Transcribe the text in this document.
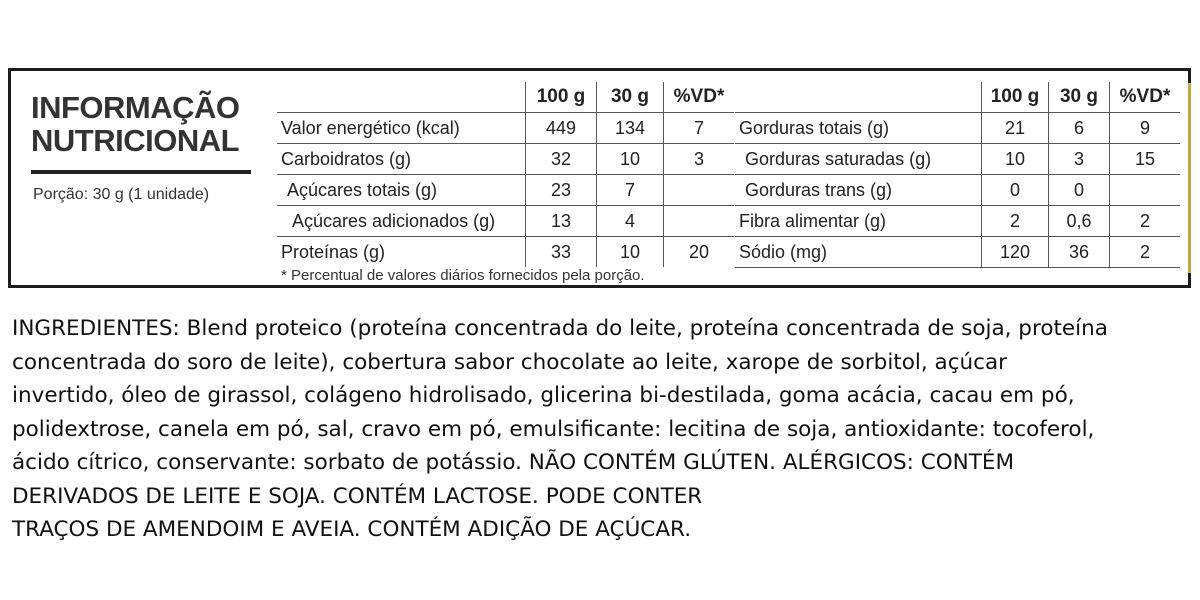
INFORMAÇÃO
NUTRICIONAL
Porção: 30 g (1 unidade)
	100 g	30 g	%VD*
Valor energético (kcal)	449	134	7
Carboidratos (g)	32	10	3
Açúcares totais (g)	23	7	
Açúcares adicionados (g)	13	4	
Proteínas (g)	33	10	20
	100 g	30 g	%VD*
Gorduras totais (g)	21	6	9
Gorduras saturadas (g)	10	3	15
Gorduras trans (g)	0	0	
Fibra alimentar (g)	2	0,6	2
Sódio (mg)	120	36	2
* Percentual de valores diários fornecidos pela porção.
INGREDIENTES: Blend proteico (proteína concentrada do leite, proteína concentrada de soja, proteína
concentrada do soro de leite), cobertura sabor chocolate ao leite, xarope de sorbitol, açúcar
invertido, óleo de girassol, colágeno hidrolisado, glicerina bi-destilada, goma acácia, cacau em pó,
polidextrose, canela em pó, sal, cravo em pó, emulsificante: lecitina de soja, antioxidante: tocoferol,
ácido cítrico, conservante: sorbato de potássio. NÃO CONTÉM GLÚTEN. ALÉRGICOS: CONTÉM
DERIVADOS DE LEITE E SOJA. CONTÉM LACTOSE. PODE CONTER
TRAÇOS DE AMENDOIM E AVEIA. CONTÉM ADIÇÃO DE AÇÚCAR.
